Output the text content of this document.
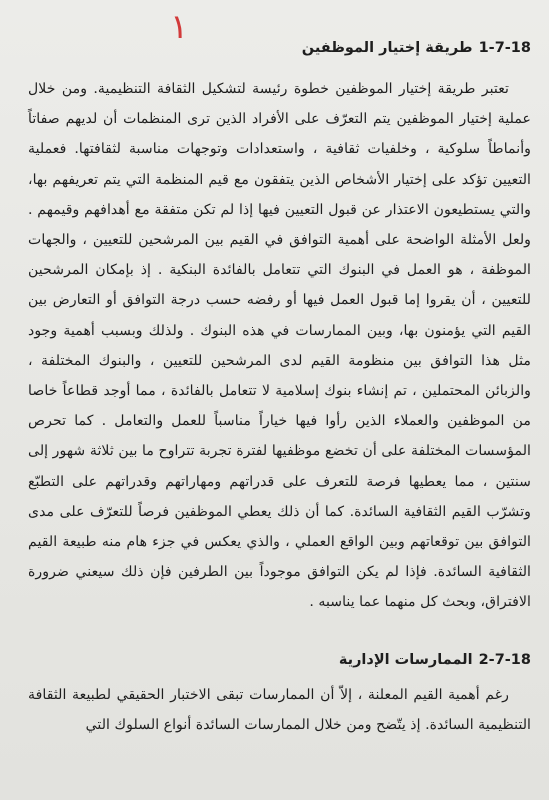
١
1-7-18طريقة إختيار الموظفين

تعتبر طريقة إختيار الموظفين خطوة رئيسة لتشكيل الثقافة التنظيمية. ومن خلال عملية إختيار الموظفين يتم التعرّف على الأفراد الذين ترى المنظمات أن لديهم صفاتاً وأنماطاً سلوكية ، وخلفيات ثقافية ، واستعدادات وتوجهات مناسبة لثقافتها. فعملية التعيين تؤكد على إختيار الأشخاص الذين يتفقون مع قيم المنظمة التي يتم تعريفهم بها، والتي يستطيعون الاعتذار عن قبول التعيين فيها إذا لم تكن متفقة مع أهدافهم وقيمهم . ولعل الأمثلة الواضحة على أهمية التوافق في القيم بين المرشحين للتعيين ، والجهات الموظفة ، هو العمل في البنوك التي تتعامل بالفائدة البنكية . إذ بإمكان المرشحين للتعيين ، أن يقروا إما قبول العمل فيها أو رفضه حسب درجة التوافق أو التعارض بين القيم التي يؤمنون بها، وبين الممارسات في هذه البنوك . ولذلك وبسبب أهمية وجود مثل هذا التوافق بين منظومة القيم لدى المرشحين للتعيين ، والبنوك المختلفة ، والزبائن المحتملين ، تم إنشاء بنوك إسلامية لا تتعامل بالفائدة ، مما أوجد قطاعاً خاصا من الموظفين والعملاء الذين رأوا فيها خياراً مناسباً للعمل والتعامل . كما تحرص المؤسسات المختلفة على أن تخضع موظفيها لفترة تجربة تتراوح ما بين ثلاثة شهور إلى سنتين ، مما يعطيها فرصة للتعرف على قدراتهم ومهاراتهم وقدراتهم على التطبّع وتشرّب القيم الثقافية السائدة. كما أن ذلك يعطي الموظفين فرصاً للتعرّف على مدى التوافق بين توقعاتهم وبين الواقع العملي ، والذي يعكس في جزء هام منه طبيعة القيم الثقافية السائدة. فإذا لم يكن التوافق موجوداً بين الطرفين فإن ذلك سيعني ضرورة الافتراق، وبحث كل منهما عما يناسبه .

2-7-18الممارسات الإدارية

رغم أهمية القيم المعلنة ، إلاّ أن الممارسات تبقى الاختبار الحقيقي لطبيعة الثقافة التنظيمية السائدة. إذ يتّضح ومن خلال الممارسات السائدة أنواع السلوك التي
